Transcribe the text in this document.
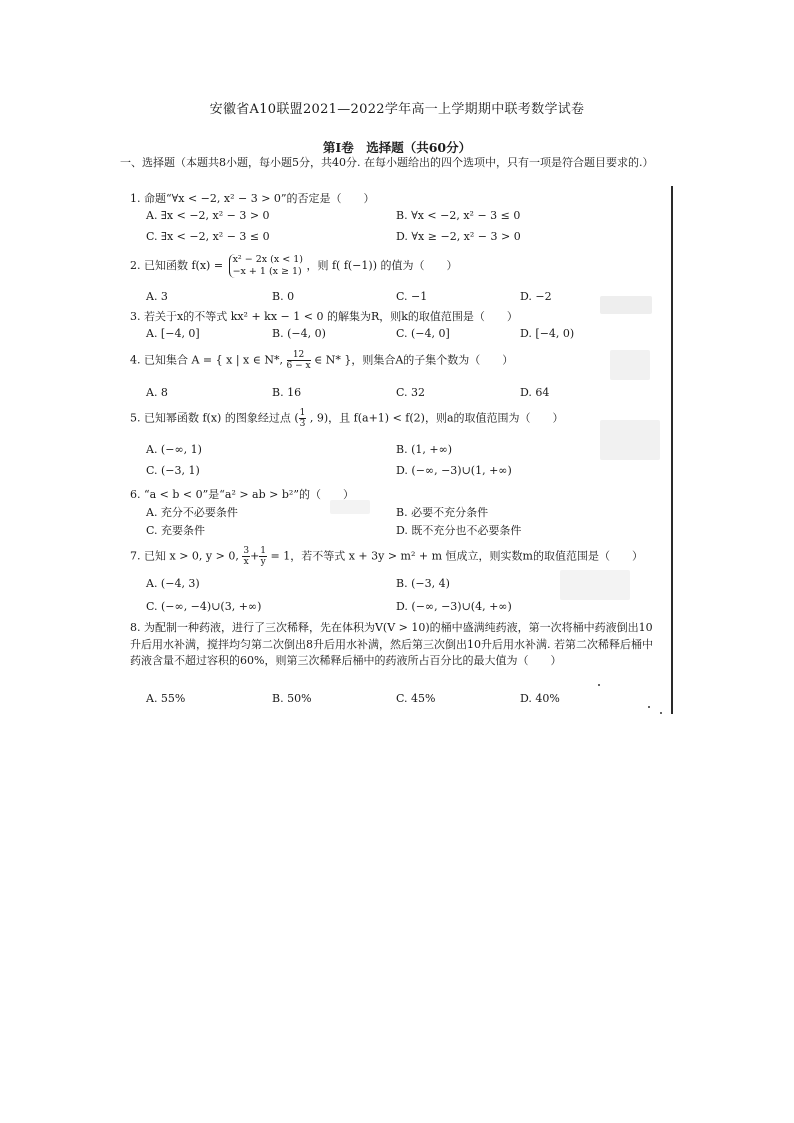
安徽省A10联盟2021—2022学年高一上学期期中联考数学试卷
第Ⅰ卷　选择题（共60分）
一、选择题（本题共8小题，每小题5分，共40分. 在每小题给出的四个选项中，只有一项是符合题目要求的.）
1. 命题“∀x < −2, x² − 3 > 0”的否定是（　　）
A. ∃x < −2, x² − 3 > 0	B. ∀x < −2, x² − 3 ≤ 0
C. ∃x < −2, x² − 3 ≤ 0	D. ∀x ≥ −2, x² − 3 > 0
2. 已知函数 f(x) = x² − 2x (x < 1)
−x + 1 (x ≥ 1) ，则 f( f(−1)) 的值为（　　）
A. 3	B. 0	C. −1	D. −2
3. 若关于x的不等式 kx² + kx − 1 < 0 的解集为R，则k的取值范围是（　　）
A. [−4, 0]	B. (−4, 0)	C. (−4, 0]	D. [−4, 0)
4. 已知集合 A = { x | x ∈ N*, $\frac{12}{6 - x}$ ∈ N* }，则集合A的子集个数为（　　）
A. 8	B. 16	C. 32	D. 64
5. 已知幂函数 f(x) 的图象经过点 ( $\frac{1}{3}$ , 9)，且 f(a+1) < f(2)，则a的取值范围为（　　）
A. (−∞, 1)	B. (1, +∞)
C. (−3, 1)	D. (−∞, −3)∪(1, +∞)
6. “a < b < 0”是“a² > ab > b²”的（　　）
A. 充分不必要条件	B. 必要不充分条件
C. 充要条件	D. 既不充分也不必要条件
7. 已知 x > 0, y > 0, $\frac{3}{x} + \frac{1}{y} = 1$，若不等式 x + 3y > m² + m 恒成立，则实数m的取值范围是（　　）
A. (−4, 3)	B. (−3, 4)
C. (−∞, −4)∪(3, +∞)	D. (−∞, −3)∪(4, +∞)
8. 为配制一种药液，进行了三次稀释，先在体积为V(V > 10)的桶中盛满纯药液，第一次将桶中药液倒出10升后用水补满，搅拌均匀第二次倒出8升后用水补满，然后第三次倒出10升后用水补满. 若第二次稀释后桶中药液含量不超过容积的60%，则第三次稀释后桶中的药液所占百分比的最大值为（　　）
A. 55%	B. 50%	C. 45%	D. 40%
